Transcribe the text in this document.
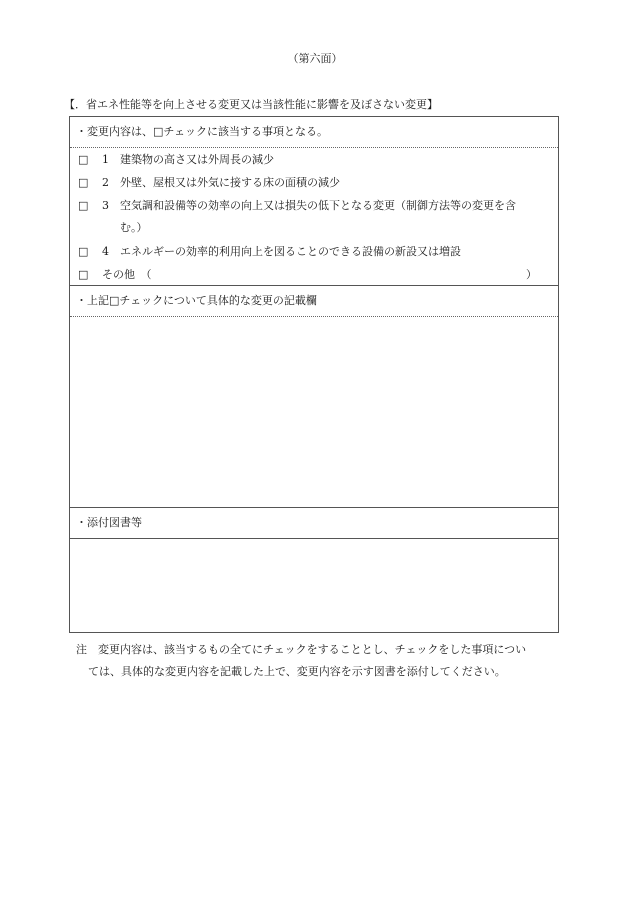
（第六面）
【．省エネ性能等を向上させる変更又は当該性能に影響を及ぼさない変更】
・変更内容は、□チェックに該当する事項となる。
□ 1 建築物の高さ又は外周長の減少
□ 2 外壁、屋根又は外気に接する床の面積の減少
□ 3 空気調和設備等の効率の向上又は損失の低下となる変更（制御方法等の変更を含
む。）
□ 4 エネルギーの効率的利用向上を図ることのできる設備の新設又は増設
□ その他　（	）
・上記□チェックについて具体的な変更の記載欄
・添付図書等
注　変更内容は、該当するもの全てにチェックをすることとし、チェックをした事項につい
ては、具体的な変更内容を記載した上で、変更内容を示す図書を添付してください。
